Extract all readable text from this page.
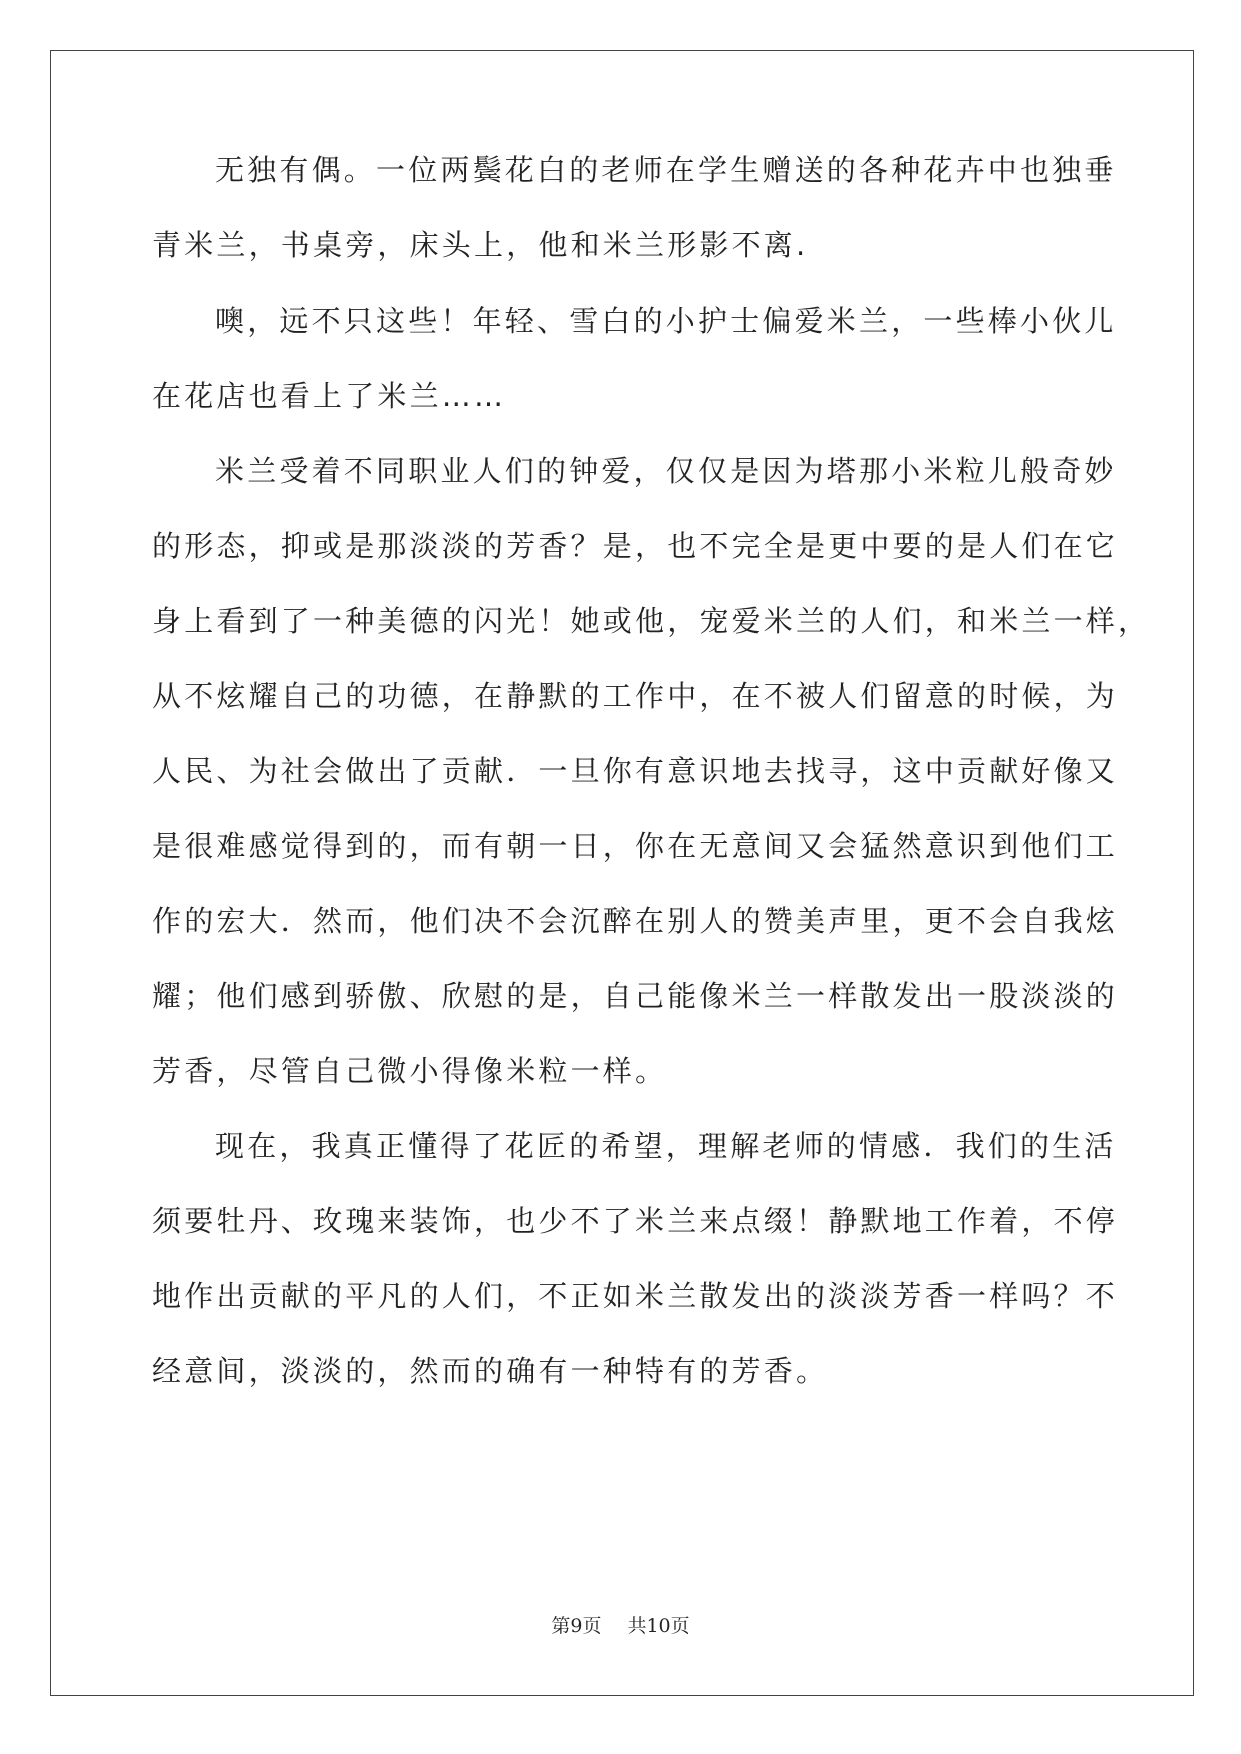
无独有偶。一位两鬓花白的老师在学生赠送的各种花卉中也独垂
青米兰，书桌旁，床头上，他和米兰形影不离.
噢，远不只这些！年轻、雪白的小护士偏爱米兰，一些棒小伙儿
在花店也看上了米兰……
米兰受着不同职业人们的钟爱，仅仅是因为塔那小米粒儿般奇妙
的形态，抑或是那淡淡的芳香？是，也不完全是更中要的是人们在它
身上看到了一种美德的闪光！她或他，宠爱米兰的人们，和米兰一样，
从不炫耀自己的功德，在静默的工作中，在不被人们留意的时候，为
人民、为社会做出了贡献．一旦你有意识地去找寻，这中贡献好像又
是很难感觉得到的，而有朝一日，你在无意间又会猛然意识到他们工
作的宏大．然而，他们决不会沉醉在别人的赞美声里，更不会自我炫
耀；他们感到骄傲、欣慰的是，自己能像米兰一样散发出一股淡淡的
芳香，尽管自己微小得像米粒一样。
现在，我真正懂得了花匠的希望，理解老师的情感．我们的生活
须要牡丹、玫瑰来装饰，也少不了米兰来点缀！静默地工作着，不停
地作出贡献的平凡的人们，不正如米兰散发出的淡淡芳香一样吗？不
经意间，淡淡的，然而的确有一种特有的芳香。
第9页 共10页
